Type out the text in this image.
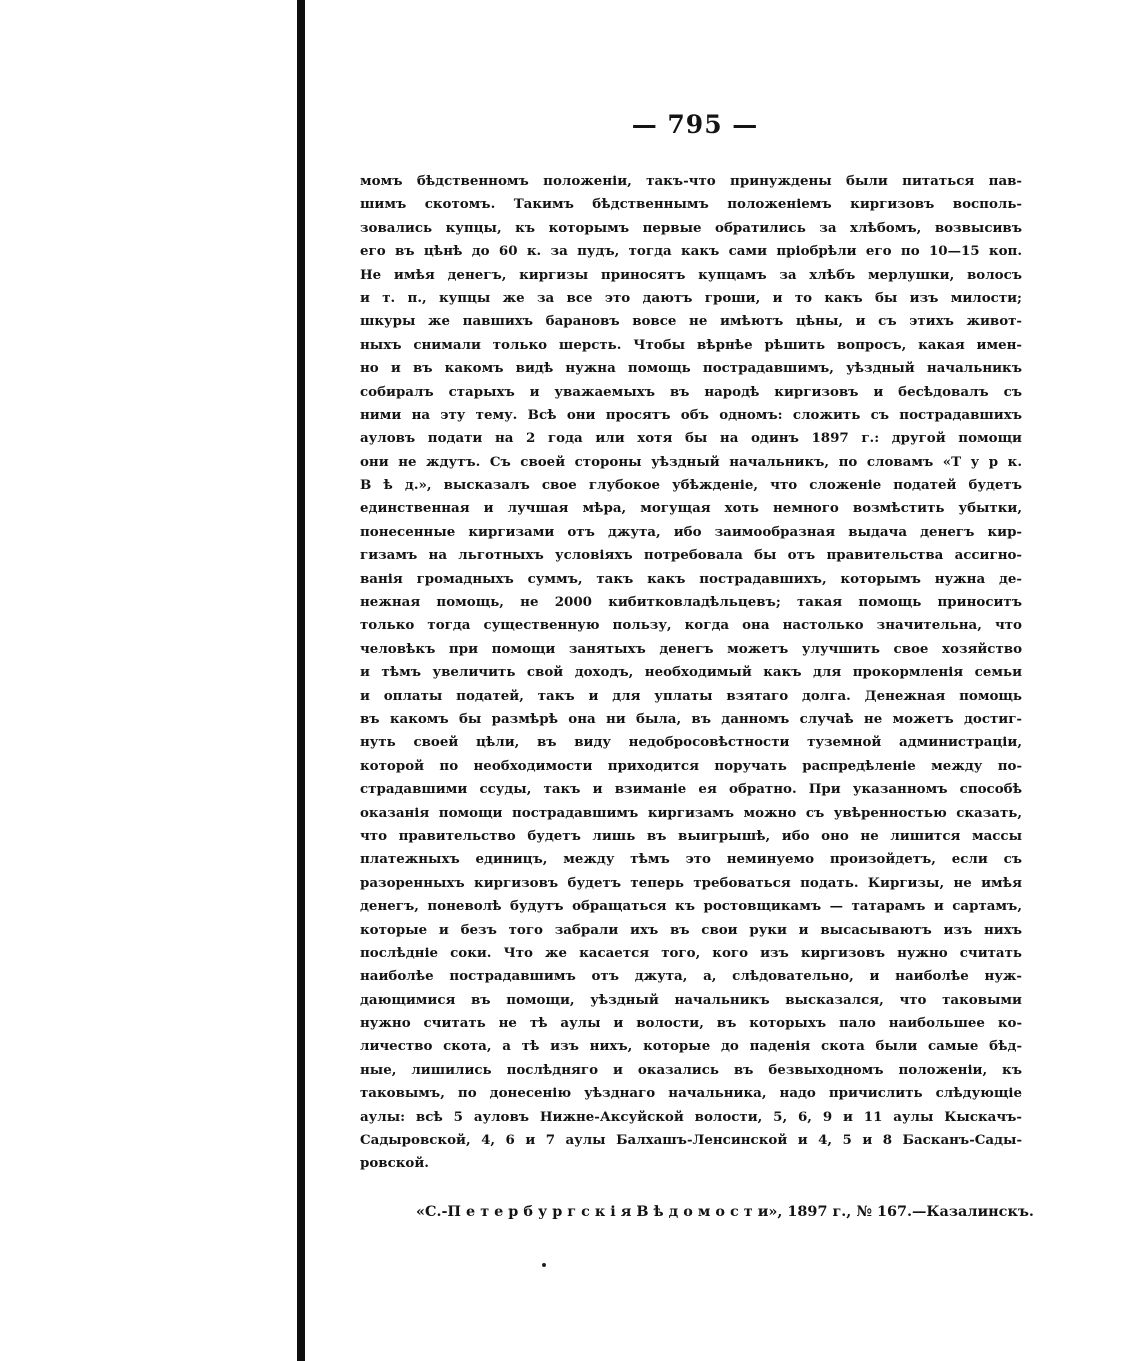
— 795 —
момъ бѣдственномъ положеніи, такъ-что принуждены были питаться пав-
шимъ скотомъ. Такимъ бѣдственнымъ положеніемъ киргизовъ восполь-
зовались купцы, къ которымъ первые обратились за хлѣбомъ, возвысивъ
его въ цѣнѣ до 60 к. за пудъ, тогда какъ сами пріобрѣли его по 10—15 коп.
Не имѣя денегъ, киргизы приносятъ купцамъ за хлѣбъ мерлушки, волосъ
и т. п., купцы же за все это даютъ гроши, и то какъ бы изъ милости;
шкуры же павшихъ барановъ вовсе не имѣютъ цѣны, и съ этихъ живот-
ныхъ снимали только шерсть. Чтобы вѣрнѣе рѣшить вопросъ, какая имен-
но и въ какомъ видѣ нужна помощь пострадавшимъ, уѣздный начальникъ
собиралъ старыхъ и уважаемыхъ въ народѣ киргизовъ и бесѣдовалъ съ
ними на эту тему. Всѣ они просятъ объ одномъ: сложить съ пострадавшихъ
ауловъ подати на 2 года или хотя бы на одинъ 1897 г.: другой помощи
они не ждутъ. Съ своей стороны уѣздный начальникъ, по словамъ «Т у р к.
В ѣ д.», высказалъ свое глубокое убѣжденіе, что сложеніе податей будетъ
единственная и лучшая мѣра, могущая хоть немного возмѣстить убытки,
понесенные киргизами отъ джута, ибо заимообразная выдача денегъ кир-
гизамъ на льготныхъ условіяхъ потребовала бы отъ правительства ассигно-
ванія громадныхъ суммъ, такъ какъ пострадавшихъ, которымъ нужна де-
нежная помощь, не 2000 кибитковладѣльцевъ; такая помощь приноситъ
только тогда существенную пользу, когда она настолько значительна, что
человѣкъ при помощи занятыхъ денегъ можетъ улучшить свое хозяйство
и тѣмъ увеличить свой доходъ, необходимый какъ для прокормленія семьи
и оплаты податей, такъ и для уплаты взятаго долга. Денежная помощь
въ какомъ бы размѣрѣ она ни была, въ данномъ случаѣ не можетъ достиг-
нуть своей цѣли, въ виду недобросовѣстности туземной администраціи,
которой по необходимости приходится поручать распредѣленіе между по-
страдавшими ссуды, такъ и взиманіе ея обратно. При указанномъ способѣ
оказанія помощи пострадавшимъ киргизамъ можно съ увѣренностью сказать,
что правительство будетъ лишь въ выигрышѣ, ибо оно не лишится массы
платежныхъ единицъ, между тѣмъ это неминуемо произойдетъ, если съ
разоренныхъ киргизовъ будетъ теперь требоваться подать. Киргизы, не имѣя
денегъ, поневолѣ будутъ обращаться къ ростовщикамъ — татарамъ и сартамъ,
которые и безъ того забрали ихъ въ свои руки и высасываютъ изъ нихъ
послѣдніе соки. Что же касается того, кого изъ киргизовъ нужно считать
наиболѣе пострадавшимъ отъ джута, а, слѣдовательно, и наиболѣе нуж-
дающимися въ помощи, уѣздный начальникъ высказался, что таковыми
нужно считать не тѣ аулы и волости, въ которыхъ пало наибольшее ко-
личество скота, а тѣ изъ нихъ, которые до паденія скота были самые бѣд-
ные, лишились послѣдняго и оказались въ безвыходномъ положеніи, къ
таковымъ, по донесенію уѣзднаго начальника, надо причислить слѣдующіе
аулы: всѣ 5 ауловъ Нижне-Аксуйской волости, 5, 6, 9 и 11 аулы Кыскачъ-
Садыровской, 4, 6 и 7 аулы Балхашъ-Ленсинской и 4, 5 и 8 Басканъ-Сады-
ровской.
«С.-П е т е р б у р г с к і я В ѣ д о м о с т и», 1897 г., № 167.—Казалинскъ.
